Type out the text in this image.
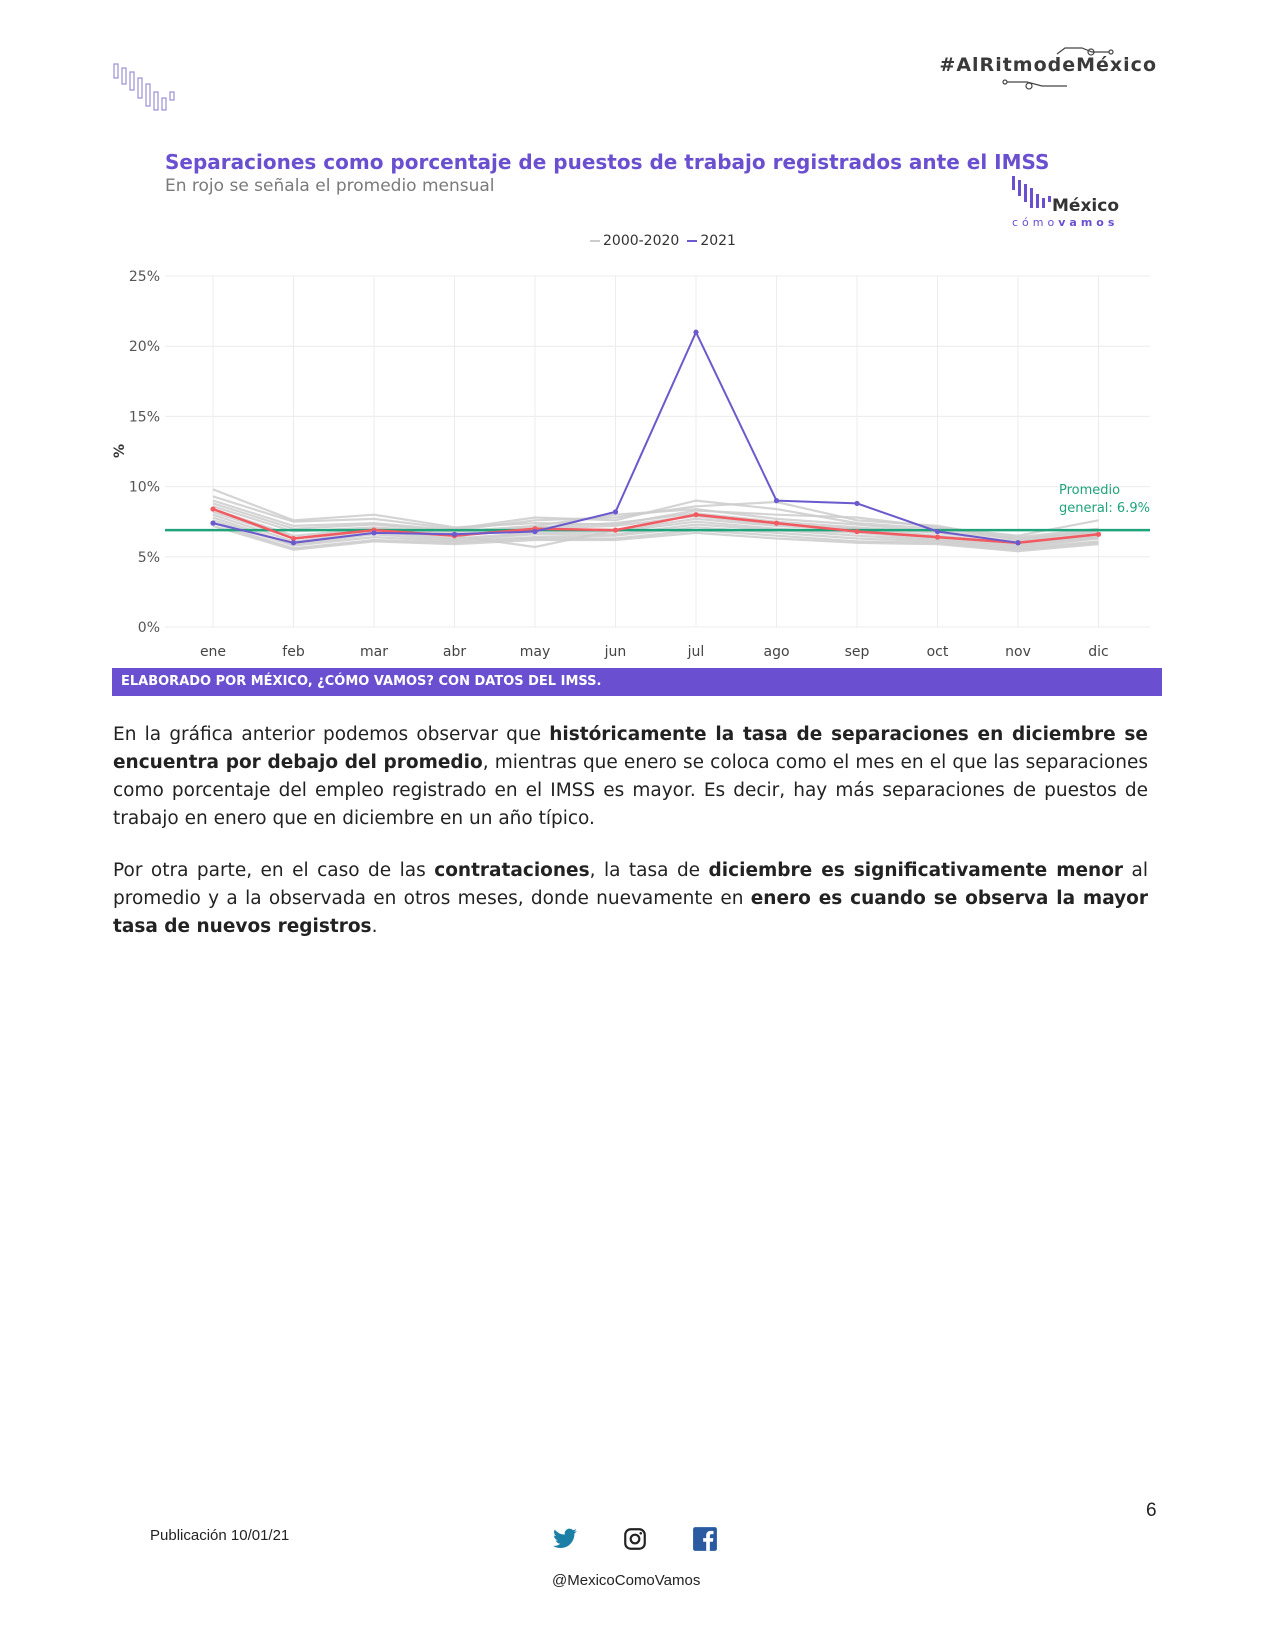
#AlRitmodeMéxico
Separaciones como porcentaje de puestos de trabajo registrados ante el IMSS
En rojo se señala el promedio mensual
México
cómovamos
2000-2020 2021
0%
5%
10%
15%
20%
25%
ene	feb	mar	abr	may	jun	jul	ago	sep	oct	nov	dic
%
Promedio
general: 6.9%
ELABORADO POR MÉXICO, ¿CÓMO VAMOS? CON DATOS DEL IMSS.

En la gráfica anterior podemos observar que históricamente la tasa de separaciones en diciembre se encuentra por debajo del promedio, mientras que enero se coloca como el mes en el que las separaciones como porcentaje del empleo registrado en el IMSS es mayor. Es decir, hay más separaciones de puestos de trabajo en enero que en diciembre en un año típico.

Por otra parte, en el caso de las contrataciones, la tasa de diciembre es significativamente menor al promedio y a la observada en otros meses, donde nuevamente en enero es cuando se observa la mayor tasa de nuevos registros.

6
Publicación 10/01/21
@MexicoComoVamos
